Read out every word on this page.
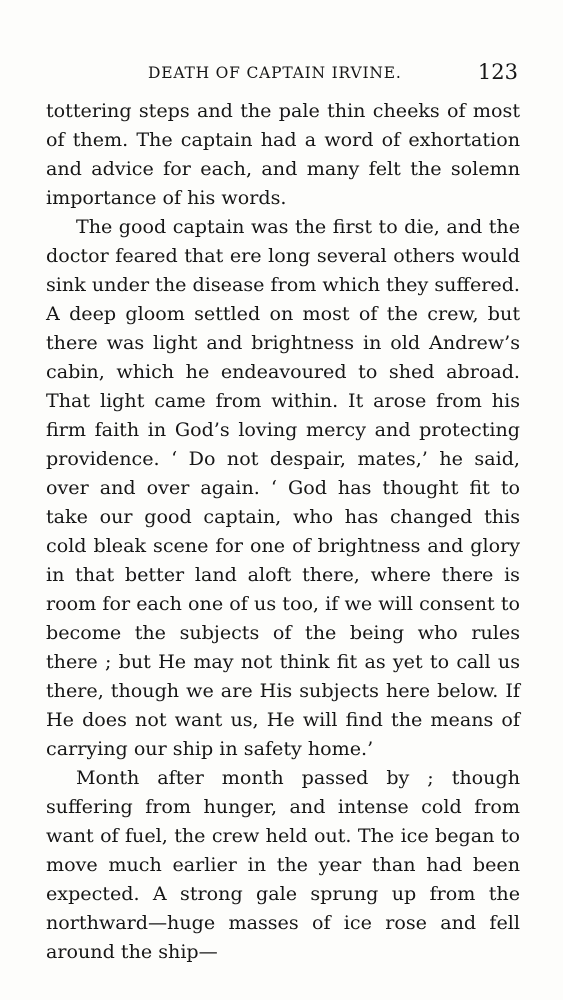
DEATH OF CAPTAIN IRVINE.	123

tottering steps and the pale thin cheeks of most of them. The captain had a word of exhortation and advice for each, and many felt the solemn importance of his words.

The good captain was the first to die, and the doctor feared that ere long several others would sink under the disease from which they suffered. A deep gloom settled on most of the crew, but there was light and brightness in old Andrew’s cabin, which he endeavoured to shed abroad. That light came from within. It arose from his firm faith in God’s loving mercy and protecting providence. ‘ Do not despair, mates,’ he said, over and over again. ‘ God has thought fit to take our good captain, who has changed this cold bleak scene for one of brightness and glory in that better land aloft there, where there is room for each one of us too, if we will consent to become the subjects of the being who rules there ; but He may not think fit as yet to call us there, though we are His subjects here below. If He does not want us, He will find the means of carrying our ship in safety home.’

Month after month passed by ; though suffering from hunger, and intense cold from want of fuel, the crew held out. The ice began to move much earlier in the year than had been expected. A strong gale sprung up from the northward—huge masses of ice rose and fell around the ship—
